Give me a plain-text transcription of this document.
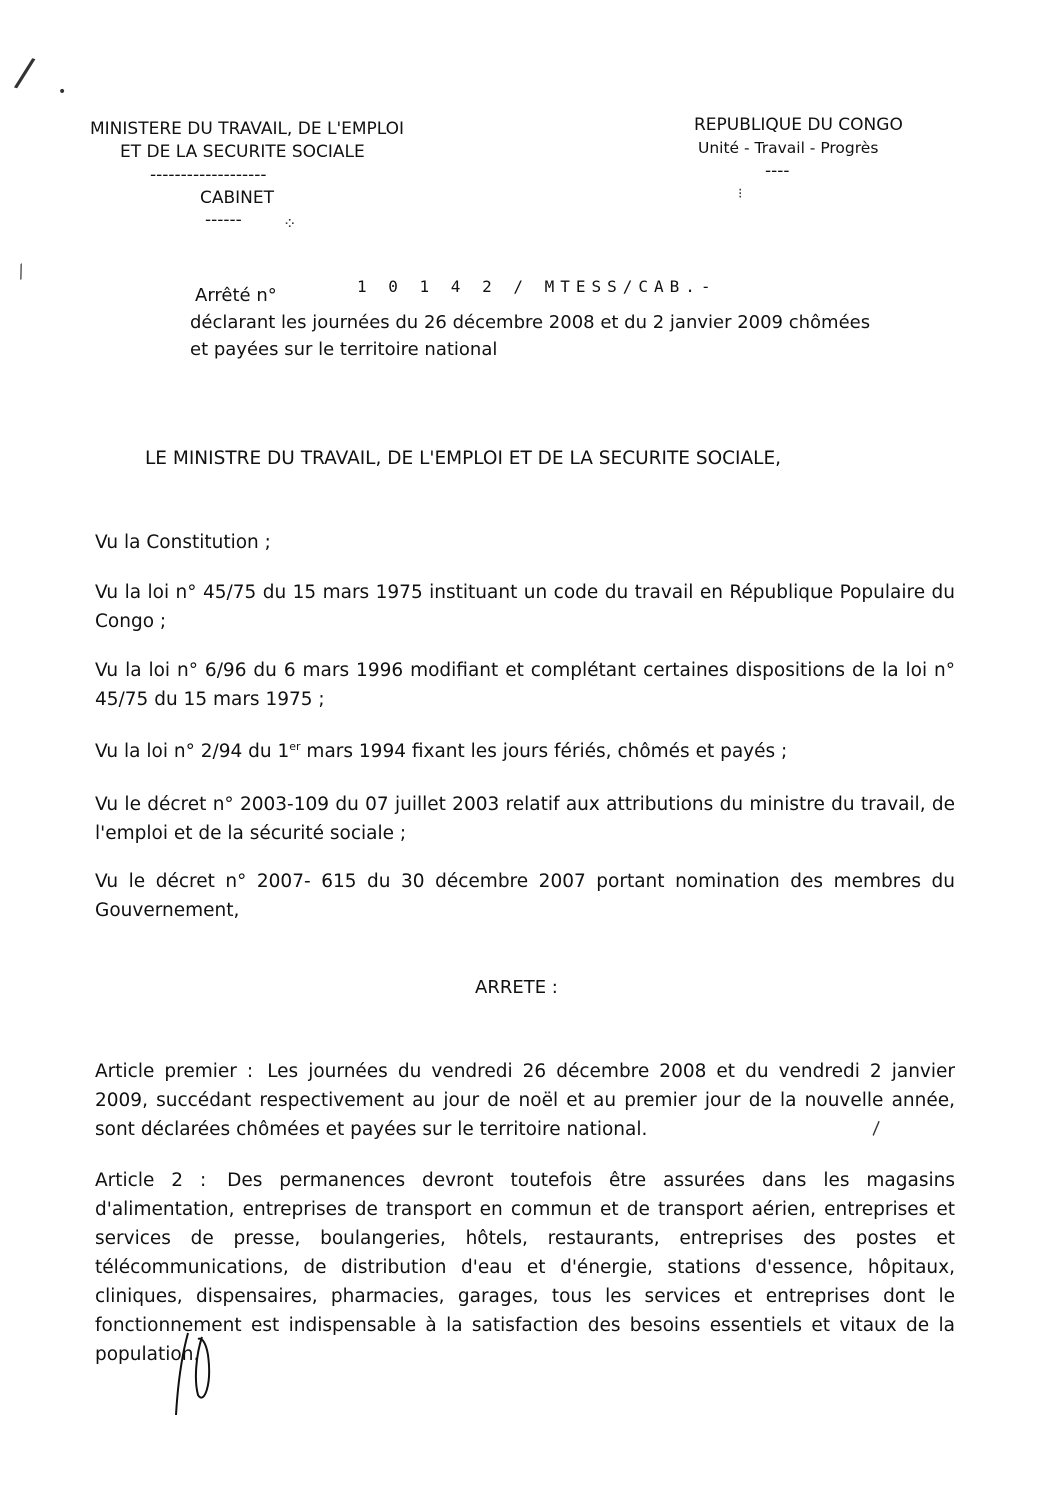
/ •
⁘
⁄
⁝
\
MINISTERE DU TRAVAIL, DE L'EMPLOI
ET DE LA SECURITE SOCIALE
-------------------
CABINET
------
REPUBLIQUE DU CONGO
Unité - Travail - Progrès
----
Arrêté n°	1 0 1 4 2 / MTESS/CAB.-
déclarant les journées du 26 décembre 2008 et du 2 janvier 2009 chômées
et payées sur le territoire national
LE MINISTRE DU TRAVAIL, DE L'EMPLOI ET DE LA SECURITE SOCIALE,
Vu la Constitution ;
Vu la loi n° 45/75 du 15 mars 1975 instituant un code du travail en République Populaire du Congo ;
Vu la loi n° 6/96 du 6 mars 1996 modifiant et complétant certaines dispositions de la loi n° 45/75 du 15 mars 1975 ;
Vu la loi n° 2/94 du 1er mars 1994 fixant les jours fériés, chômés et payés ;
Vu le décret n° 2003-109 du 07 juillet 2003 relatif aux attributions du ministre du travail, de l'emploi et de la sécurité sociale ;
Vu le décret n° 2007- 615 du 30 décembre 2007 portant nomination des membres du Gouvernement,
ARRETE :
Article premier : Les journées du vendredi 26 décembre 2008 et du vendredi 2 janvier 2009, succédant respectivement au jour de noël et au premier jour de la nouvelle année, sont déclarées chômées et payées sur le territoire national.
Article 2 : Des permanences devront toutefois être assurées dans les magasins d'alimentation, entreprises de transport en commun et de transport aérien, entreprises et services de presse, boulangeries, hôtels, restaurants, entreprises des postes et télécommunications, de distribution d'eau et d'énergie, stations d'essence, hôpitaux, cliniques, dispensaires, pharmacies, garages, tous les services et entreprises dont le fonctionnement est indispensable à la satisfaction des besoins essentiels et vitaux de la population.
